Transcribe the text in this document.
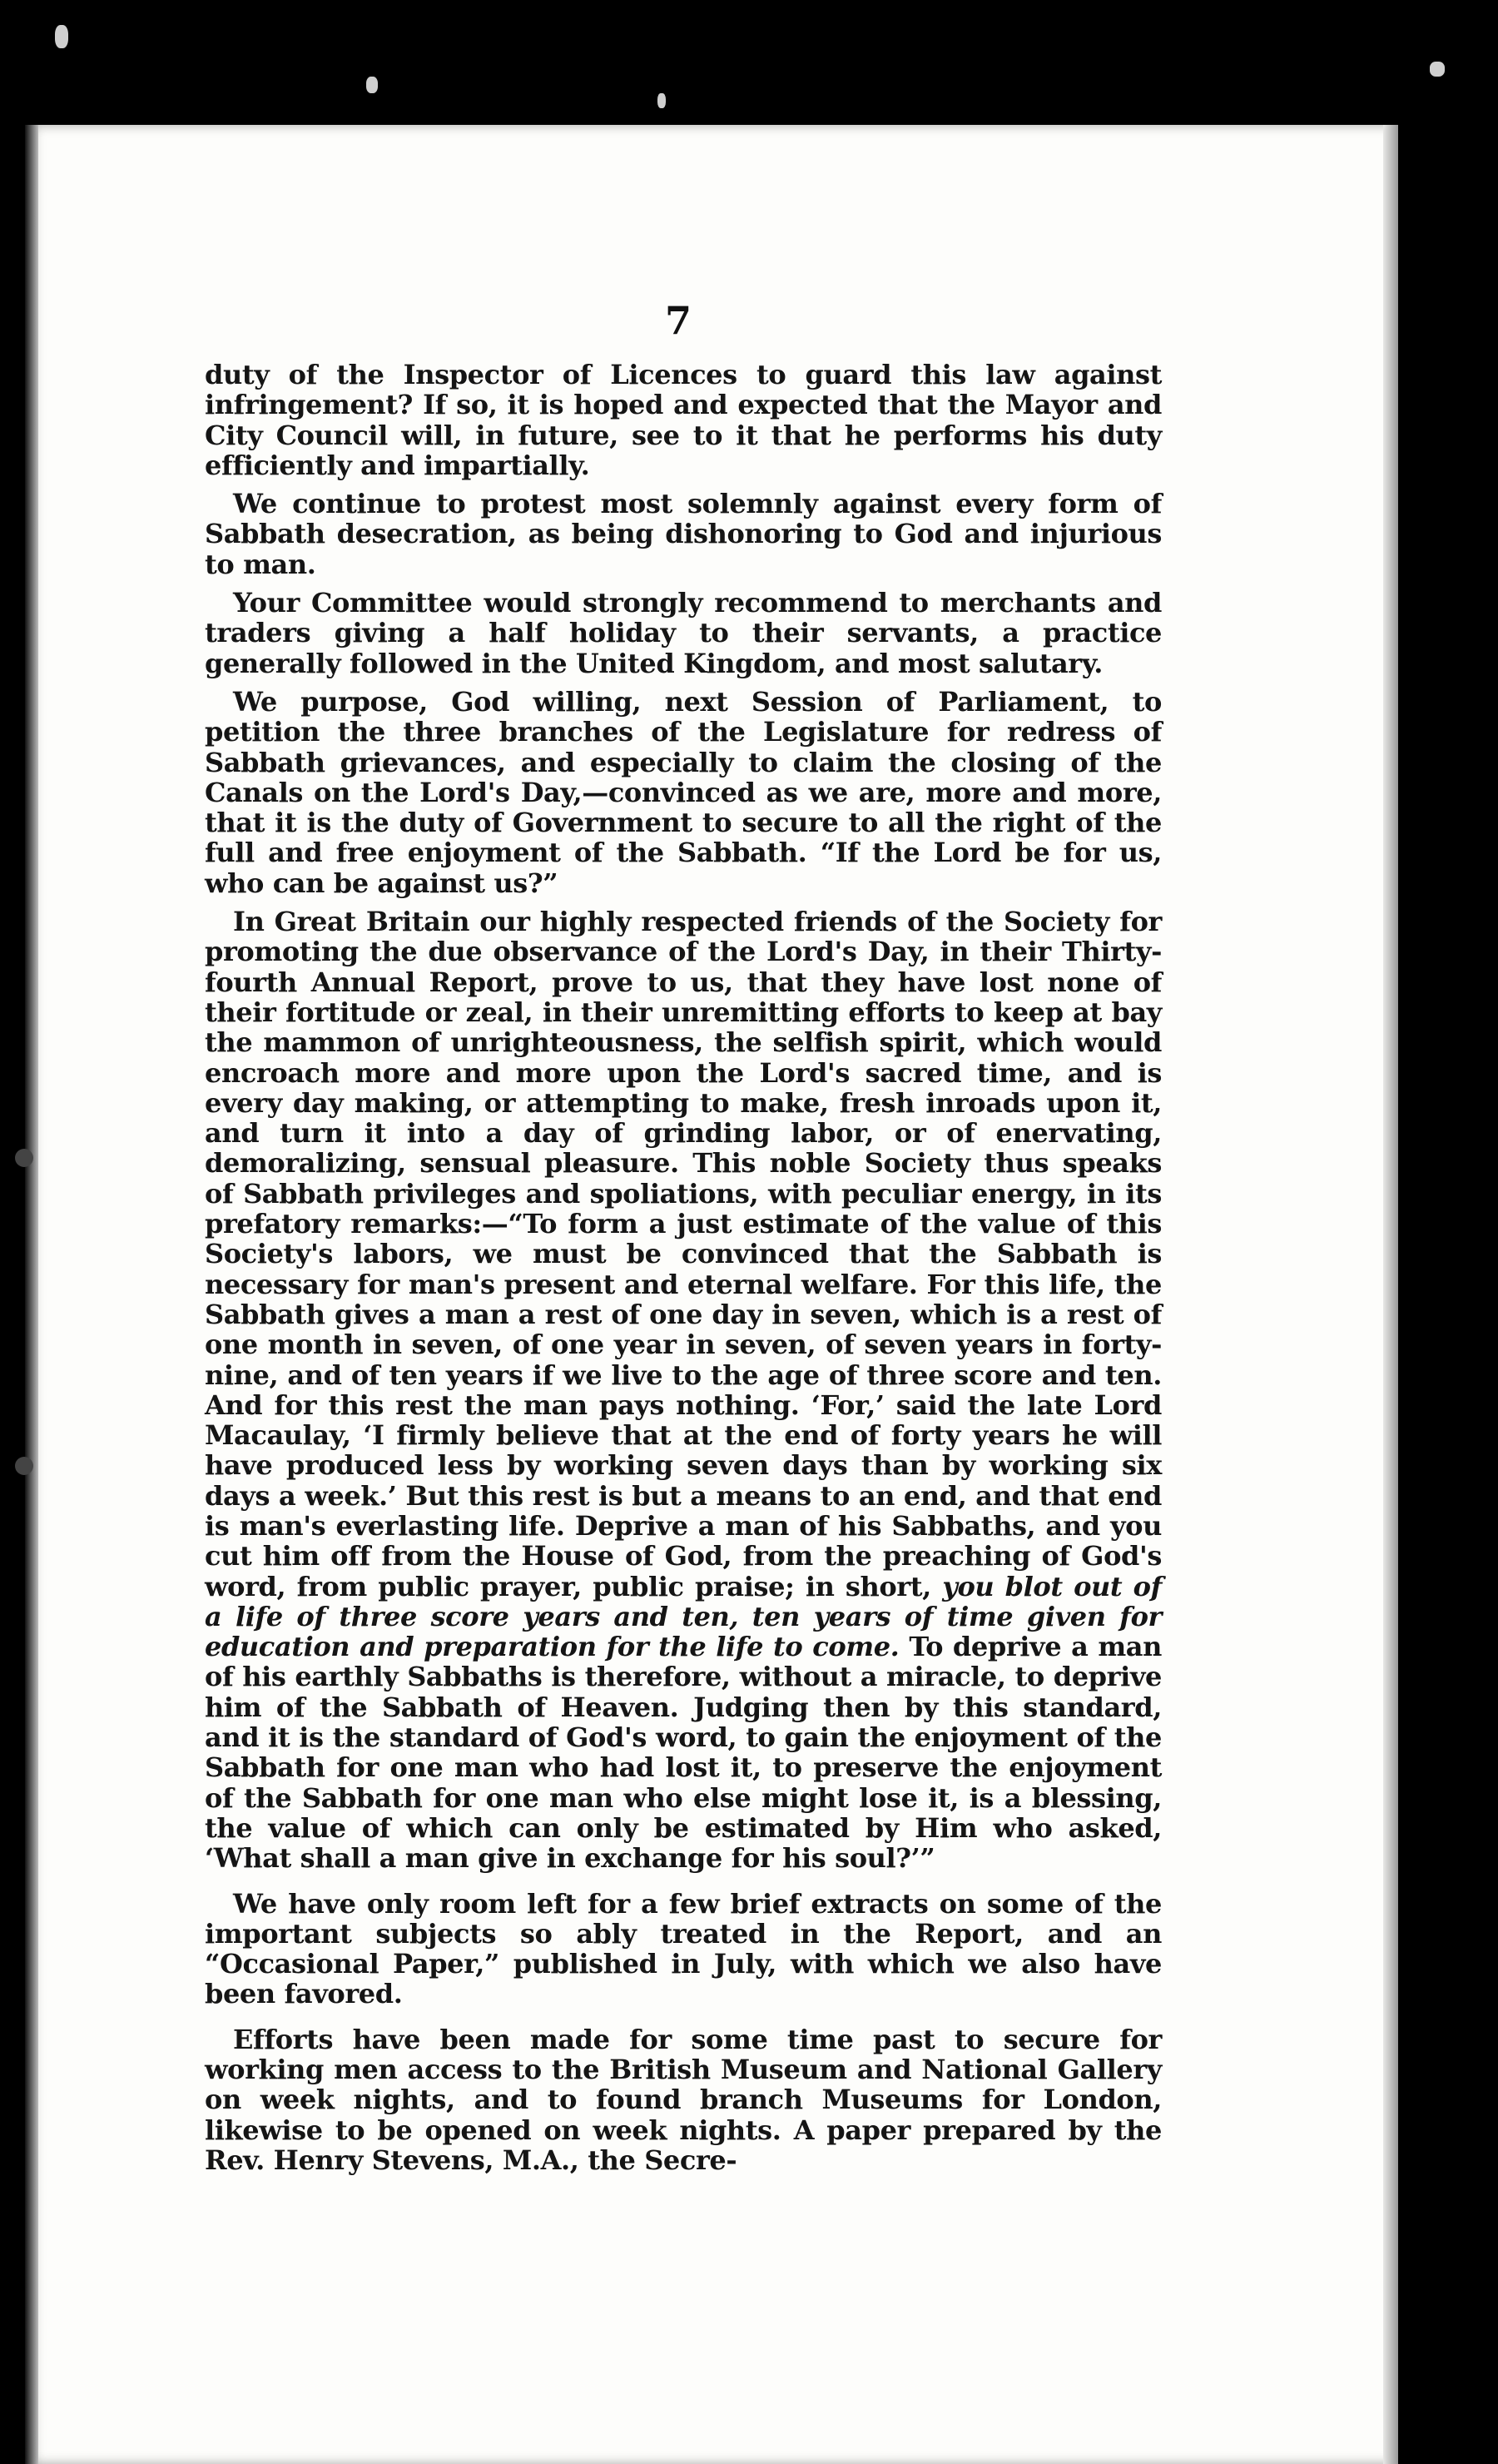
7

duty of the Inspector of Licences to guard this law against infringement? If so, it is hoped and expected that the Mayor and City Council will, in future, see to it that he performs his duty efficiently and impartially.

We continue to protest most solemnly against every form of Sabbath desecration, as being dishonoring to God and injurious to man.

Your Committee would strongly recommend to merchants and traders giving a half holiday to their servants, a practice generally followed in the United Kingdom, and most salutary.

We purpose, God willing, next Session of Parliament, to petition the three branches of the Legislature for redress of Sabbath grievances, and especially to claim the closing of the Canals on the Lord's Day,—convinced as we are, more and more, that it is the duty of Government to secure to all the right of the full and free enjoyment of the Sabbath. “If the Lord be for us, who can be against us?”

In Great Britain our highly respected friends of the Society for promoting the due observance of the Lord's Day, in their Thirty-fourth Annual Report, prove to us, that they have lost none of their fortitude or zeal, in their unremitting efforts to keep at bay the mammon of unrighteousness, the selfish spirit, which would encroach more and more upon the Lord's sacred time, and is every day making, or attempting to make, fresh inroads upon it, and turn it into a day of grinding labor, or of enervating, demoralizing, sensual pleasure. This noble Society thus speaks of Sabbath privileges and spoliations, with peculiar energy, in its prefatory remarks:—“To form a just estimate of the value of this Society's labors, we must be convinced that the Sabbath is necessary for man's present and eternal welfare. For this life, the Sabbath gives a man a rest of one day in seven, which is a rest of one month in seven, of one year in seven, of seven years in forty-nine, and of ten years if we live to the age of three score and ten. And for this rest the man pays nothing. ‘For,’ said the late Lord Macaulay, ‘I firmly believe that at the end of forty years he will have produced less by working seven days than by working six days a week.’ But this rest is but a means to an end, and that end is man's everlasting life. Deprive a man of his Sabbaths, and you cut him off from the House of God, from the preaching of God's word, from public prayer, public praise; in short, you blot out of a life of three score years and ten, ten years of time given for education and preparation for the life to come. To deprive a man of his earthly Sabbaths is therefore, without a miracle, to deprive him of the Sabbath of Heaven. Judging then by this standard, and it is the standard of God's word, to gain the enjoyment of the Sabbath for one man who had lost it, to preserve the enjoyment of the Sabbath for one man who else might lose it, is a blessing, the value of which can only be estimated by Him who asked, ‘What shall a man give in exchange for his soul?’”

We have only room left for a few brief extracts on some of the important subjects so ably treated in the Report, and an “Occasional Paper,” published in July, with which we also have been favored.

Efforts have been made for some time past to secure for working men access to the British Museum and National Gallery on week nights, and to found branch Museums for London, likewise to be opened on week nights. A paper prepared by the Rev. Henry Stevens, M.A., the Secre-
